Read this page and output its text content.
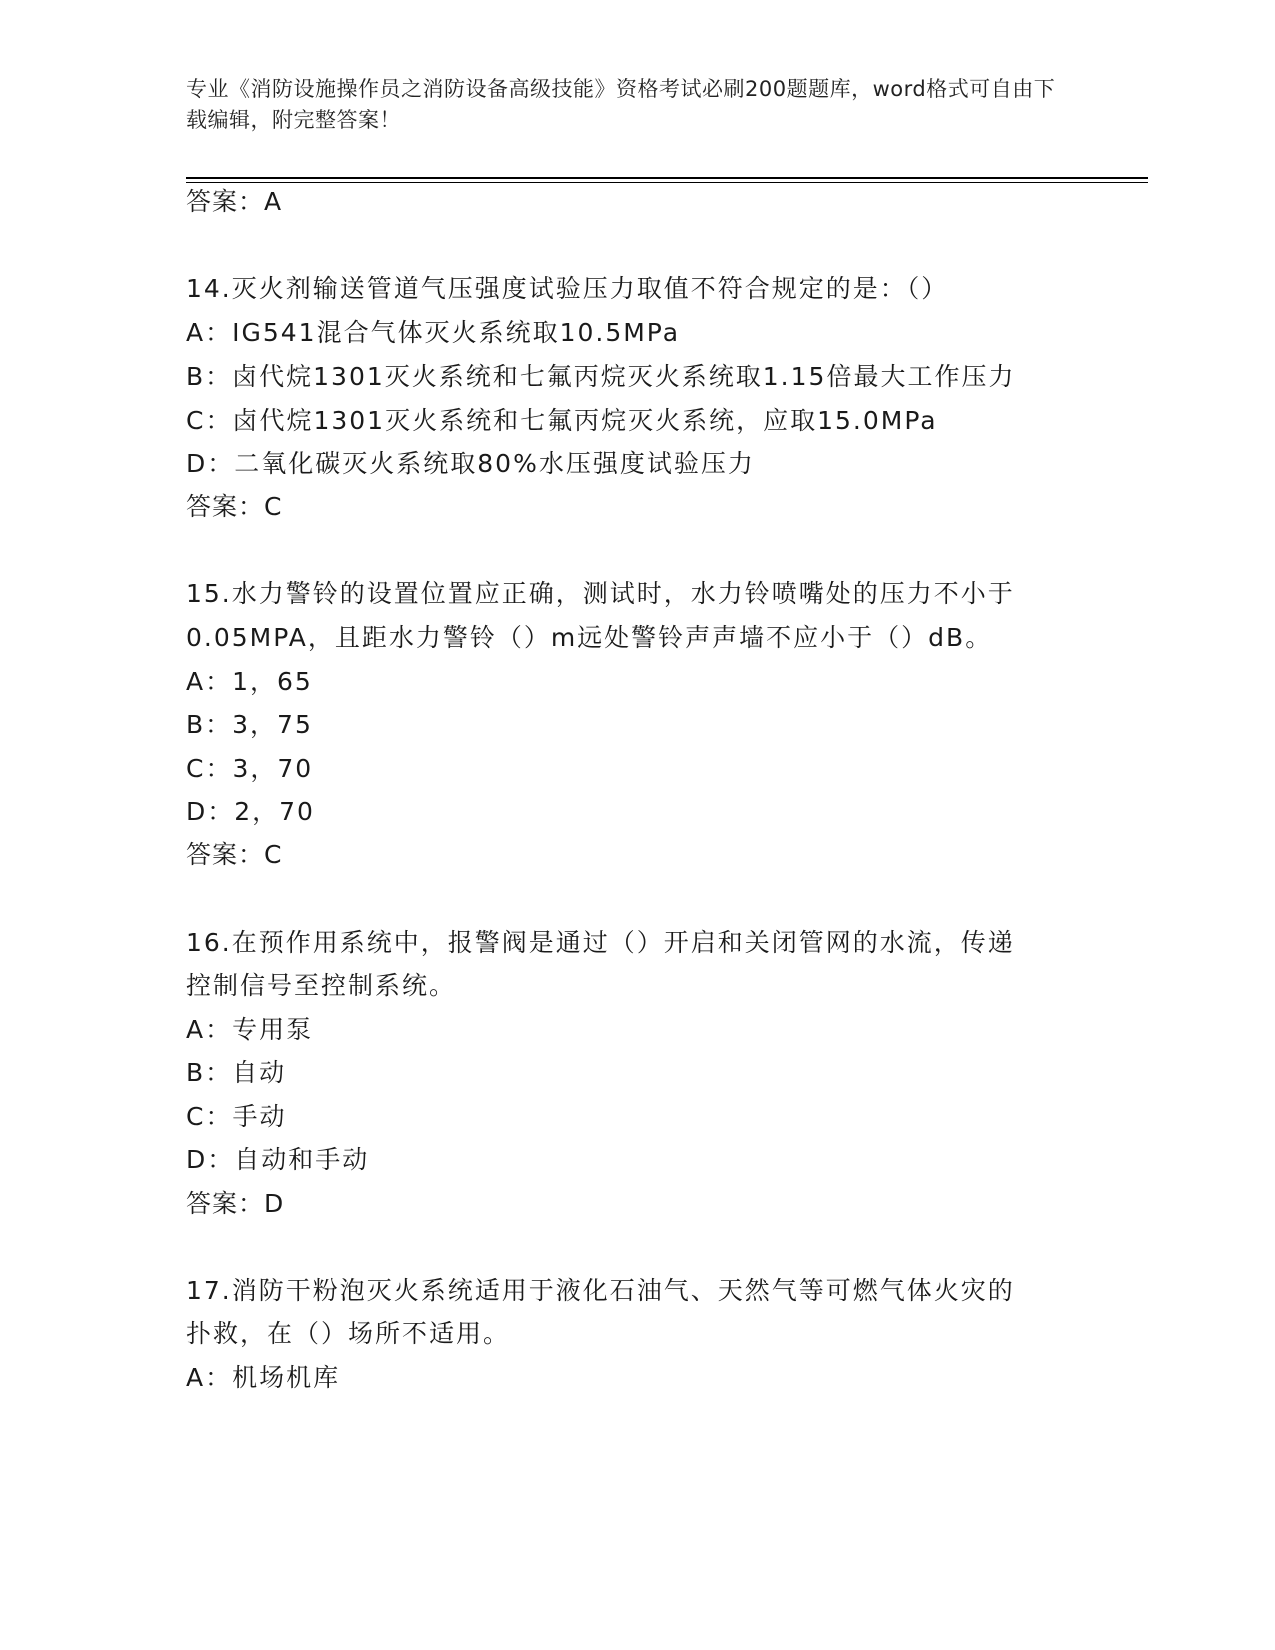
专业《消防设施操作员之消防设备高级技能》资格考试必刷200题题库，word格式可自由下载编辑，附完整答案！
答案：A
14.灭火剂输送管道气压强度试验压力取值不符合规定的是：（）
A：IG541混合气体灭火系统取10.5MPa
B：卤代烷1301灭火系统和七氟丙烷灭火系统取1.15倍最大工作压力
C：卤代烷1301灭火系统和七氟丙烷灭火系统，应取15.0MPa
D：二氧化碳灭火系统取80%水压强度试验压力
答案：C
15.水力警铃的设置位置应正确，测试时，水力铃喷嘴处的压力不小于
0.05MPA，且距水力警铃（）m远处警铃声声墙不应小于（）dB。
A：1，65
B：3，75
C：3，70
D：2，70
答案：C
16.在预作用系统中，报警阀是通过（）开启和关闭管网的水流，传递
控制信号至控制系统。
A：专用泵
B：自动
C：手动
D：自动和手动
答案：D
17.消防干粉泡灭火系统适用于液化石油气、天然气等可燃气体火灾的
扑救，在（）场所不适用。
A：机场机库
